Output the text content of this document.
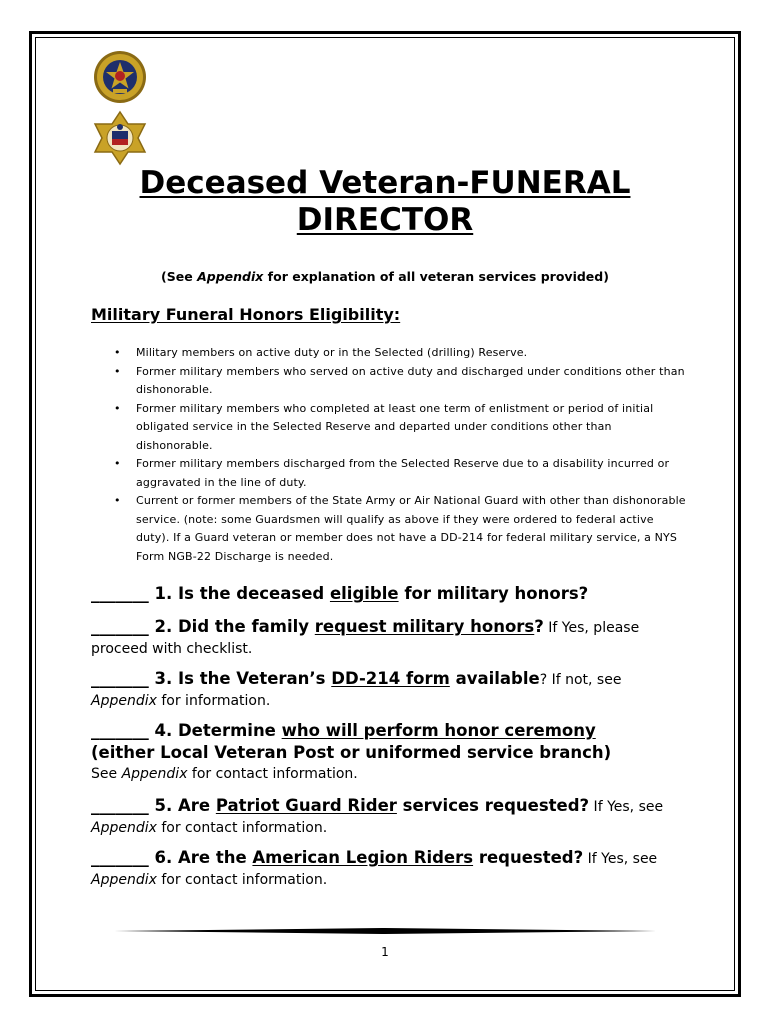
Deceased Veteran-FUNERAL
DIRECTOR
(See Appendix for explanation of all veteran services provided)
Military Funeral Honors Eligibility:
• Military members on active duty or in the Selected (drilling) Reserve.
• Former military members who served on active duty and discharged under conditions other than dishonorable.
• Former military members who completed at least one term of enlistment or period of initial obligated service in the Selected Reserve and departed under conditions other than dishonorable.
• Former military members discharged from the Selected Reserve due to a disability incurred or aggravated in the line of duty.
• Current or former members of the State Army or Air National Guard with other than dishonorable service. (note: some Guardsmen will qualify as above if they were ordered to federal active duty). If a Guard veteran or member does not have a DD-214 for federal military service, a NYS Form NGB-22 Discharge is needed.
_______ 1. Is the deceased eligible for military honors?
_______ 2. Did the family request military honors? If Yes, please proceed with checklist.
_______ 3. Is the Veteran’s DD-214 form available? If not, see Appendix for information.
_______ 4. Determine who will perform honor ceremony
(either Local Veteran Post or uniformed service branch)
See Appendix for contact information.
_______ 5. Are Patriot Guard Rider services requested? If Yes, see Appendix for contact information.
_______ 6. Are the American Legion Riders requested? If Yes, see Appendix for contact information.
1
